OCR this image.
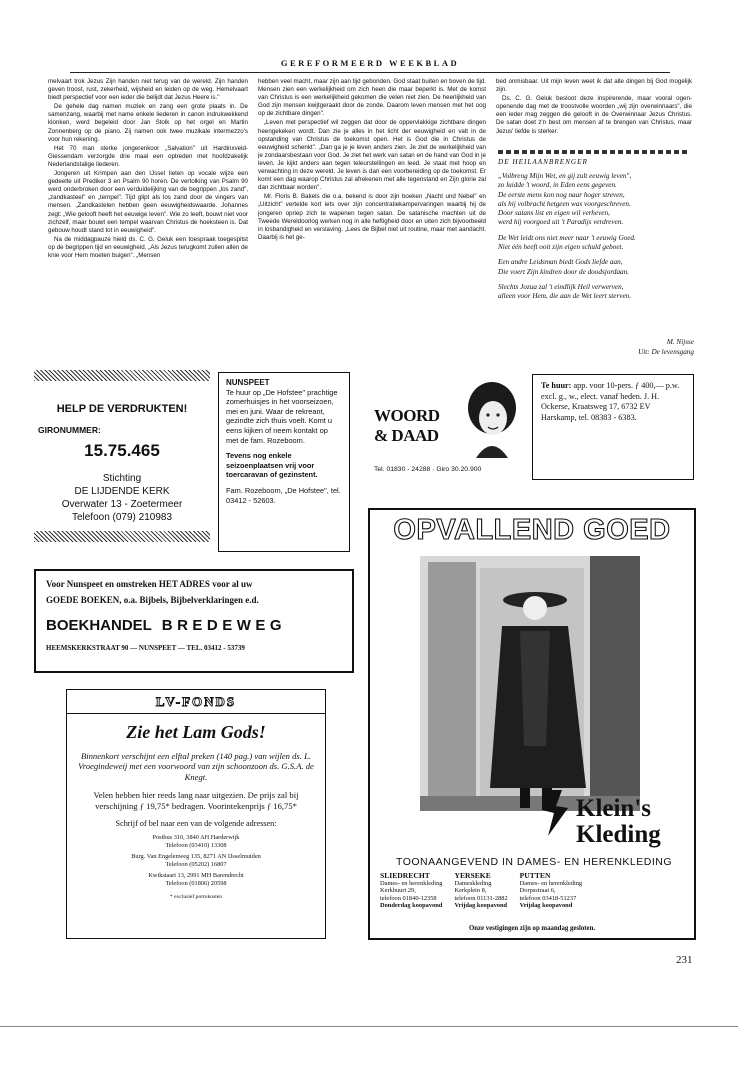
GEREFORMEERD WEEKBLAD

melvaart trok Jezus Zijn handen niet terug van de wereld. Zijn handen geven troost, rust, zekerheid, wijsheid en leiden op de weg. Hemelvaart biedt perspectief voor een ieder die belijdt dat Jezus Heere is."

De gehele dag namen muziek en zang een grote plaats in. De samenzang, waarbij met name enkele liederen in canon indrukwekkend klonken, werd begeleid door Jan Stolk op het orgel en Martin Zonnenberg op de piano. Zij namen ook twee muzikale intermezzo's voor hun rekening.

Het 70 man sterke jongerenkoor „Salvation" uit Hardinxveld-Giessendam verzorgde drie maal een optreden met hoofdzakelijk Nederlandstalige liederen.

Jongeren uit Krimpen aan den IJssel lieten op vocale wijze een gedeelte uit Prediker 3 en Psalm 90 horen. De vertolking van Psalm 90 werd onderbroken door een verduidelijking van de begrippen „los zand", „zandkasteel" en „tempel". Tijd glipt als los zand door de vingers van mensen. „Zandkastelen hebben geen eeuwigheidswaarde. Johannes zegt: „Wie gelooft heeft het eeuwige leven". Wie zo leeft, bouwt niet voor zichzelf, maar bouwt een tempel waarvan Christus de hoeksteen is. Dat gebouw houdt stand tot in eeuwigheid".

Na de middagpauze hield ds. C. G. Geluk een toespraak toegespitst op de begrippen tijd en eeuwigheid. „Als Jezus terugkomt zullen allen de knie voor Hem moeten buigen". „Mensen

hebben veel macht, maar zijn aan tijd gebonden. God staat buiten en boven de tijd. Mensen zien een werkelijkheid om zich heen die maar beperkt is. Met de komst van Christus is een werkelijkheid gekomen die velen niet zien. De heerlijkheid van God zijn mensen kwijtgeraakt door de zonde. Daarom leven mensen met het oog op de zichtbare dingen".

„Leven met perspectief wil zeggen dat door de oppervlakkige zichtbare dingen heengekeken wordt. Dan zie je alles in het licht der eeuwigheid en valt in de opstanding van Christus de toekomst open. Het is God die in Christus de eeuwigheid schenkt". „Dan ga je je leven anders zien. Je ziet de werkelijkheid van je zondaarsbestaan voor God. Je ziet het werk van satan en de hand van God in je leven. Je kijkt anders aan tegen teleurstellingen en leed. Je staat met hoop en verwachting in deze wereld. Je leven is dan een voorbereiding op de toekomst. Er komt een dag waarop Christus zal afrekenen met alle tegenstand en Zijn glorie zal dan zichtbaar worden".

Mr. Floris B. Bakels die o.a. bekend is door zijn boeken „Nacht und Nebel" en „Uitzicht" vertelde kort iets over zijn concentratiekampervaringen waarbij hij de jongeren opriep zich te wapenen tegen satan. De satanische machten uit de Tweede Wereldoorlog werken nog in alle heftigheid door en uiten zich bijvoorbeeld in losbandigheid en verslaving. „Lees de Bijbel niet uit routine, maar met aandacht. Daarbij is het ge-

bed onmisbaar. Uit mijn leven weet ik dat alle dingen bij God mogelijk zijn.

Ds. C. G. Geluk besloot deze inspirerende, maar vooral ogen-openende dag met de troostvolle woorden „wij zijn overwinnaars", die een ieder mag zeggen die gelooft in de Overwinnaar Jezus Christus. De satan doet z'n best om mensen af te brengen van Christus, maar Jezus' liefde is sterker.

DE HEILAANBRENGER

„Volbreng Mijn Wet, en gij zult eeuwig leven",
zo luidde 't woord, in Eden eens gegeven.
De eerste mens kon nog naar hoger streven,
als hij volbracht hetgeen was voorgeschreven.
Door satans list en eigen wil verheven,
werd hij voorgoed uit 't Paradijs verdreven.

De Wet leidt ons niet meer naar 't eeuwig Goed.
Niet één heeft ooit zijn eigen schuld geboet.

Een andre Leidsman biedt Gods liefde aan,
Die voert Zijn kindren door de doodsjordaan.

Slechts Jozua zal 't eindlijk Heil verwerven,
alleen voor Hem, die aan de Wet leert sterven.

M. Nijsse
Uit: De levensgang
HELP DE VERDRUKTEN!
GIRONUMMER:
15.75.465
Stichting
DE LIJDENDE KERK
Overwater 13 - Zoetermeer
Telefoon (079) 210983
NUNSPEET
Te huur op „De Hofstee" prachtige zomerhuisjes in het voorseizoen, mei en juni. Waar de rekreant, gezindte zich thuis voelt. Komt u eens kijken of neem kontakt op met de fam. Rozeboom.
Tevens nog enkele seizoenplaatsen vrij voor toercaravan of gezinstent.
Fam. Rozeboom, „De Hofstee", tel. 03412 - 52603.
WOORD
& DAAD
Tel. 01830 - 24288 · Giro 30.20.900
Te huur: app. voor 10-pers. ƒ 400,— p.w. excl. g., w., elect. vanaf heden. J. H. Ockerse, Kraatsweg 17, 6732 EV Harskamp, tel. 08383 - 6383.
Voor Nunspeet en omstreken HET ADRES voor al uw
GOEDE BOEKEN, o.a. Bijbels, Bijbelverklaringen e.d.
BOEKHANDEL BREDEWEG
HEEMSKERKSTRAAT 90 — NUNSPEET — TEL. 03412 - 53739
LV-FONDS
Zie het Lam Gods!
Binnenkort verschijnt een elftal preken (140 pag.) van wijlen ds. L. Vroegindeweij met een voorwoord van zijn schoonzoon ds. G.S.A. de Knegt.
Velen hebben hier reeds lang naar uitgezien. De prijs zal bij verschijning ƒ 19,75* bedragen. Voorintekenprijs ƒ 16,75*
Schrijf of bel naar een van de volgende adressen:
Postbus 310, 3840 AH Harderwijk
Telefoon (03410) 13308
Burg. Van Engelenweg 135, 8271 AN IJsselmuiden
Telefoon (05202) 16807
Kwikstaart 13, 2991 MH Barendrecht
Telefoon (01806) 20598
* exclusief portokosten
OPVALLEND GOED
Klein's
Kleding
TOONAANGEVEND IN DAMES- EN HERENKLEDING
SLIEDRECHT
Dames- en herenkleding
Kerkbuurt 29,
telefoon 01840-12358
Donderdag koopavond

YERSEKE
Dameskleding
Kerkplein 8,
telefoon 01131-2882
Vrijdag koopavond

PUTTEN
Dames- en herenkleding
Dorpsstraat 6,
telefoon 03418-51237
Vrijdag koopavond
Onze vestigingen zijn op maandag gesloten.
231
